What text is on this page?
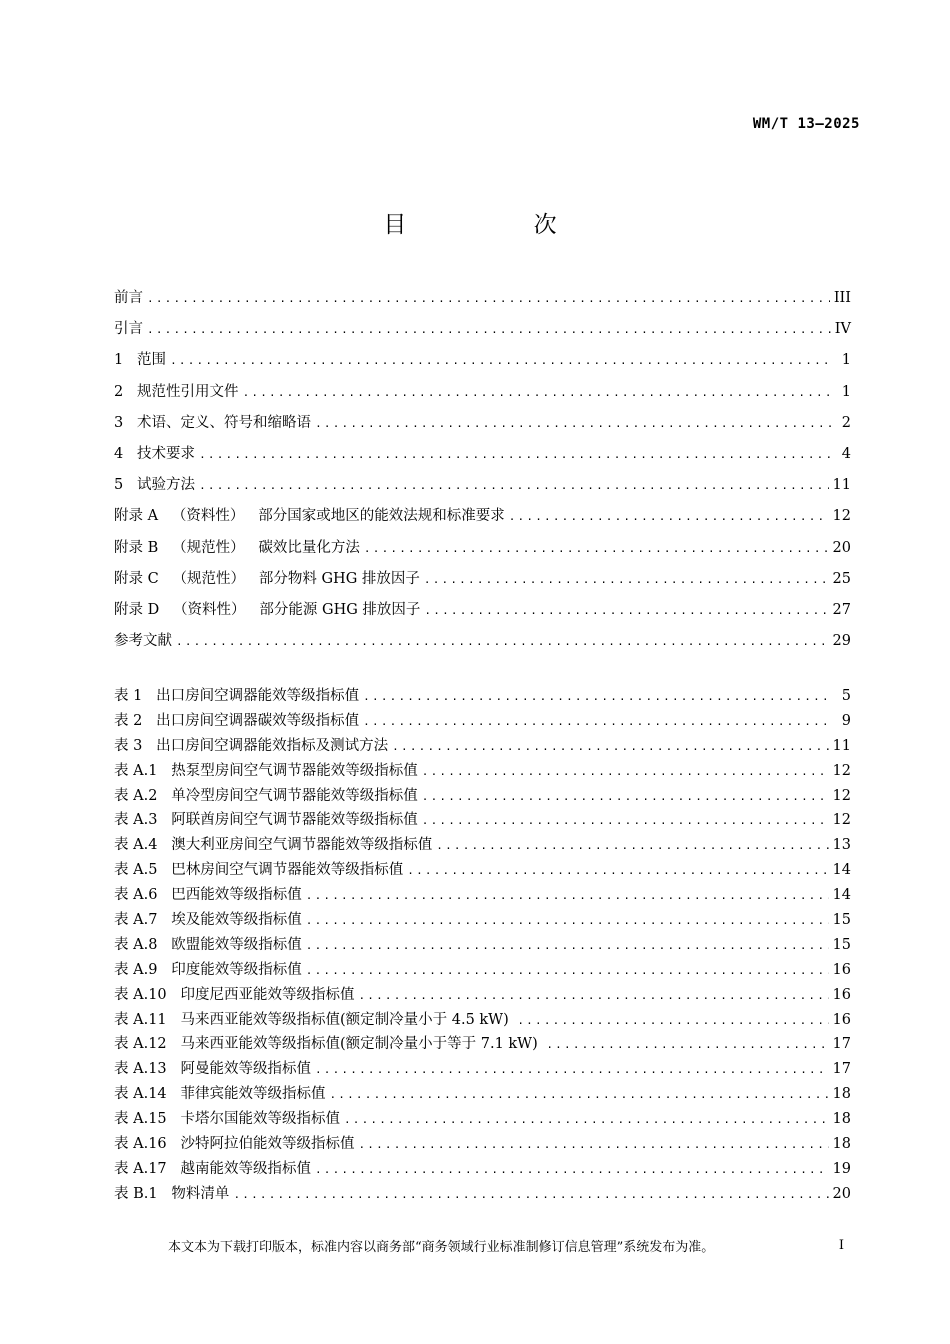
WM/T 13—2025
目 次
前言 .....	III
引言 .....	IV
1   范围 .....	1
2   规范性引用文件 .....	1
3   术语、定义、符号和缩略语 .....	2
4   技术要求 .....	4
5   试验方法 .....	11
附录 A   （资料性）   部分国家或地区的能效法规和标准要求 .....	12
附录 B   （规范性）   碳效比量化方法 .....	20
附录 C   （规范性）   部分物料 GHG 排放因子 .....	25
附录 D   （资料性）   部分能源 GHG 排放因子 .....	27
参考文献 .....	29
表 1   出口房间空调器能效等级指标值 .....	5
表 2   出口房间空调器碳效等级指标值 .....	9
表 3   出口房间空调器能效指标及测试方法 .....	11
表 A.1   热泵型房间空气调节器能效等级指标值 .....	12
表 A.2   单冷型房间空气调节器能效等级指标值 .....	12
表 A.3   阿联酋房间空气调节器能效等级指标值 .....	12
表 A.4   澳大利亚房间空气调节器能效等级指标值 .....	13
表 A.5   巴林房间空气调节器能效等级指标值 .....	14
表 A.6   巴西能效等级指标值 .....	14
表 A.7   埃及能效等级指标值 .....	15
表 A.8   欧盟能效等级指标值 .....	15
表 A.9   印度能效等级指标值 .....	16
表 A.10   印度尼西亚能效等级指标值 .....	16
表 A.11   马来西亚能效等级指标值(额定制冷量小于 4.5 kW) .....	16
表 A.12   马来西亚能效等级指标值(额定制冷量小于等于 7.1 kW) .....	17
表 A.13   阿曼能效等级指标值 .....	17
表 A.14   菲律宾能效等级指标值 .....	18
表 A.15   卡塔尔国能效等级指标值 .....	18
表 A.16   沙特阿拉伯能效等级指标值 .....	18
表 A.17   越南能效等级指标值 .....	19
表 B.1   物料清单 .....	20
本文本为下载打印版本，标准内容以商务部“商务领域行业标准制修订信息管理”系统发布为准。	I
